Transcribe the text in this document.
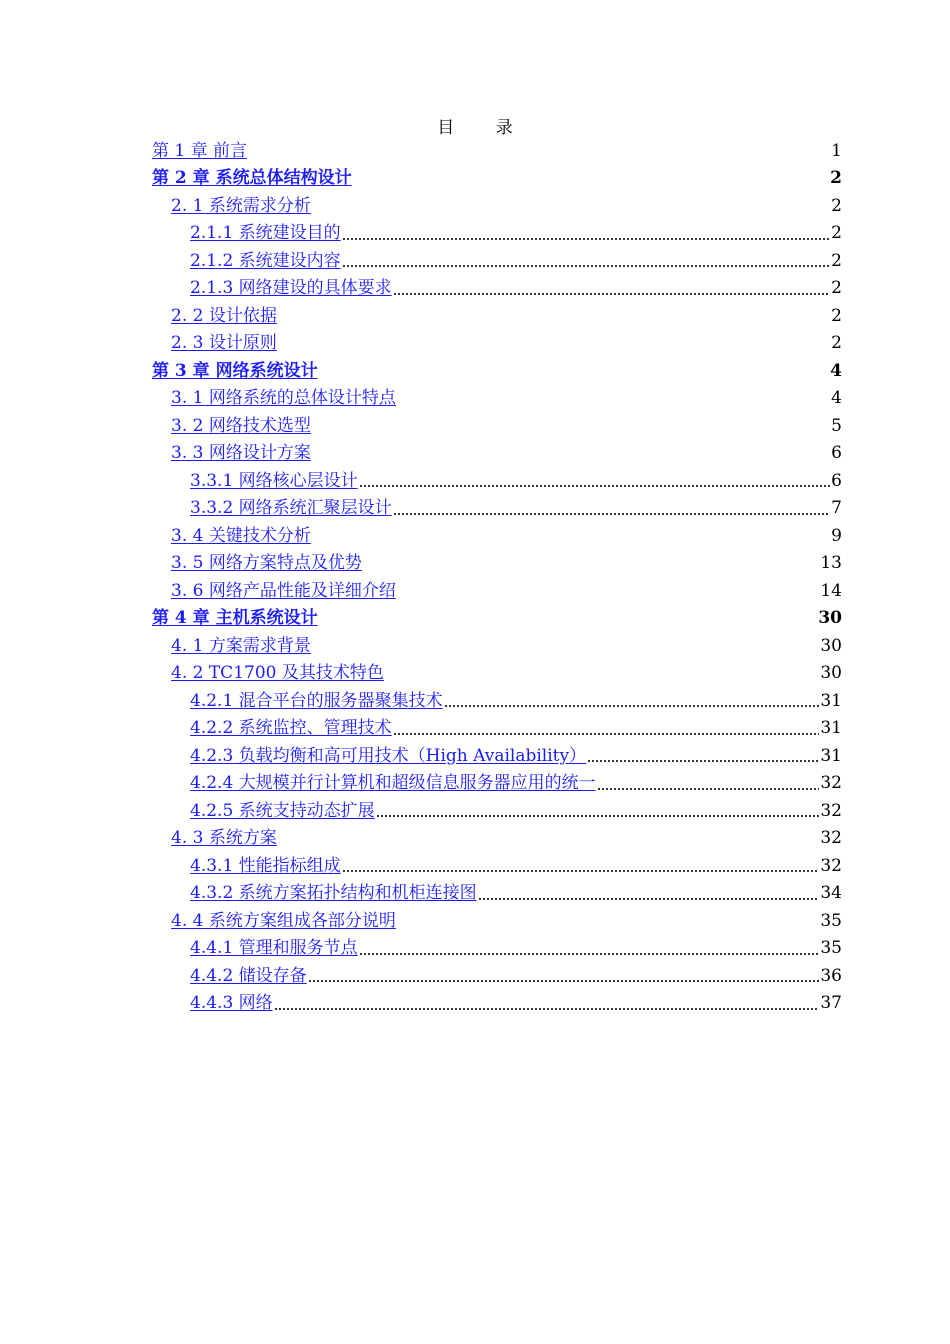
目 录
第 1 章 前言	1
第 2 章 系统总体结构设计	2
2. 1 系统需求分析	2
2.1.1 系统建设目的	2
2.1.2 系统建设内容	2
2.1.3 网络建设的具体要求	2
2. 2 设计依据	2
2. 3 设计原则	2
第 3 章 网络系统设计	4
3. 1 网络系统的总体设计特点	4
3. 2 网络技术选型	5
3. 3 网络设计方案	6
3.3.1 网络核心层设计	6
3.3.2 网络系统汇聚层设计	7
3. 4 关键技术分析	9
3. 5 网络方案特点及优势	13
3. 6 网络产品性能及详细介绍	14
第 4 章 主机系统设计	30
4. 1 方案需求背景	30
4. 2 TC1700 及其技术特色	30
4.2.1 混合平台的服务器聚集技术	31
4.2.2 系统监控、管理技术	31
4.2.3 负载均衡和高可用技术（High Availability）	31
4.2.4 大规模并行计算机和超级信息服务器应用的统一	32
4.2.5 系统支持动态扩展	32
4. 3 系统方案	32
4.3.1 性能指标组成	32
4.3.2 系统方案拓扑结构和机柜连接图	34
4. 4 系统方案组成各部分说明	35
4.4.1 管理和服务节点	35
4.4.2 储设存备	36
4.4.3 网络	37
